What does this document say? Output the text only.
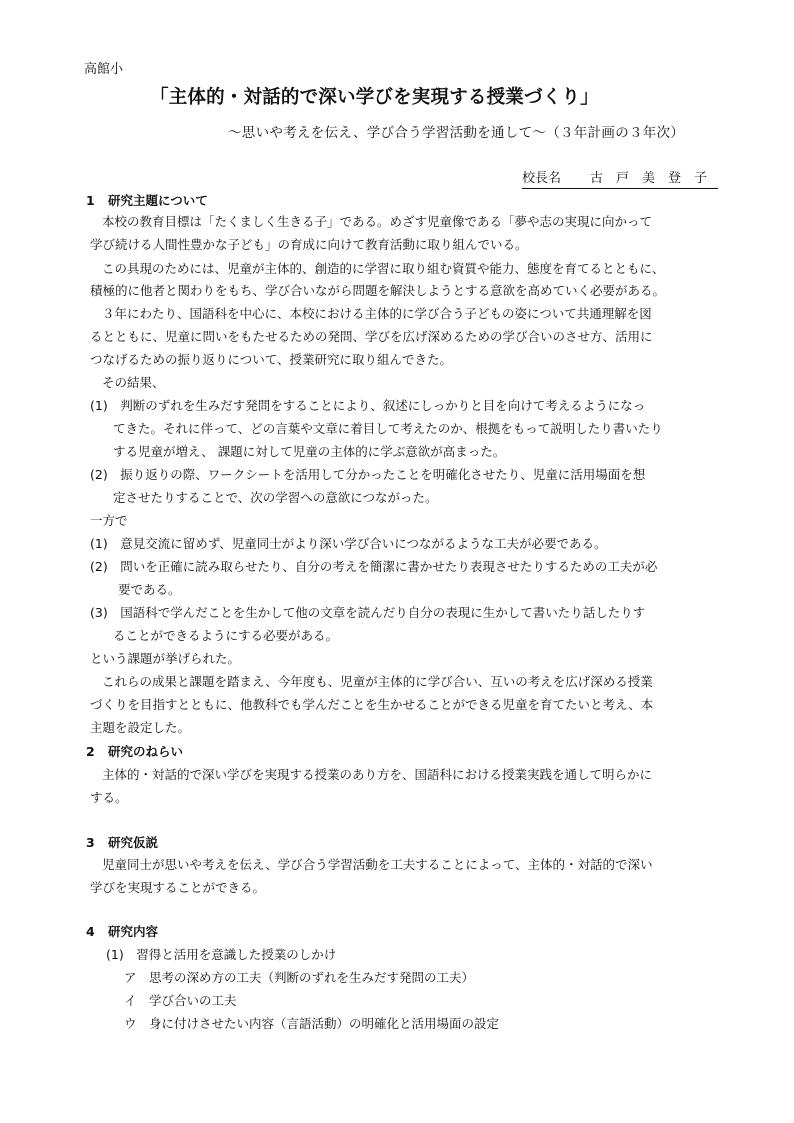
高館小
「主体的・対話的で深い学びを実現する授業づくり」
～思いや考えを伝え、学び合う学習活動を通して～（３年計画の３年次）
校長名 古戸美登子
1 研究主題について
本校の教育目標は「たくましく生きる子」である。めざす児童像である「夢や志の実現に向かって
学び続ける人間性豊かな子ども」の育成に向けて教育活動に取り組んでいる。
この具現のためには、児童が主体的、創造的に学習に取り組む資質や能力、態度を育てるとともに、
積極的に他者と関わりをもち、学び合いながら問題を解決しようとする意欲を高めていく必要がある。
３年にわたり、国語科を中心に、本校における主体的に学び合う子どもの姿について共通理解を図
るとともに、児童に問いをもたせるための発問、学びを広げ深めるための学び合いのさせ方、活用に
つなげるための振り返りについて、授業研究に取り組んできた。
その結果、
(1)　判断のずれを生みだす発問をすることにより、叙述にしっかりと目を向けて考えるようになっ
てきた。それに伴って、どの言葉や文章に着目して考えたのか、根拠をもって説明したり書いたり
する児童が増え、 課題に対して児童の主体的に学ぶ意欲が高まった。
(2)　振り返りの際、ワークシートを活用して分かったことを明確化させたり、児童に活用場面を想
定させたりすることで、次の学習への意欲につながった。
一方で
(1)　意見交流に留めず、児童同士がより深い学び合いにつながるような工夫が必要である。
(2)　問いを正確に読み取らせたり、自分の考えを簡潔に書かせたり表現させたりするための工夫が必
要である。
(3)　国語科で学んだことを生かして他の文章を読んだり自分の表現に生かして書いたり話したりす
ることができるようにする必要がある。
という課題が挙げられた。
これらの成果と課題を踏まえ、今年度も、児童が主体的に学び合い、互いの考えを広げ深める授業
づくりを目指すとともに、他教科でも学んだことを生かせることができる児童を育てたいと考え、本
主題を設定した。
2 研究のねらい
主体的・対話的で深い学びを実現する授業のあり方を、国語科における授業実践を通して明らかに
する。
3 研究仮説
児童同士が思いや考えを伝え、学び合う学習活動を工夫することによって、主体的・対話的で深い
学びを実現することができる。
4 研究内容
(1)　習得と活用を意識した授業のしかけ
ア　思考の深め方の工夫（判断のずれを生みだす発問の工夫）
イ　学び合いの工夫
ウ　身に付けさせたい内容（言語活動）の明確化と活用場面の設定
